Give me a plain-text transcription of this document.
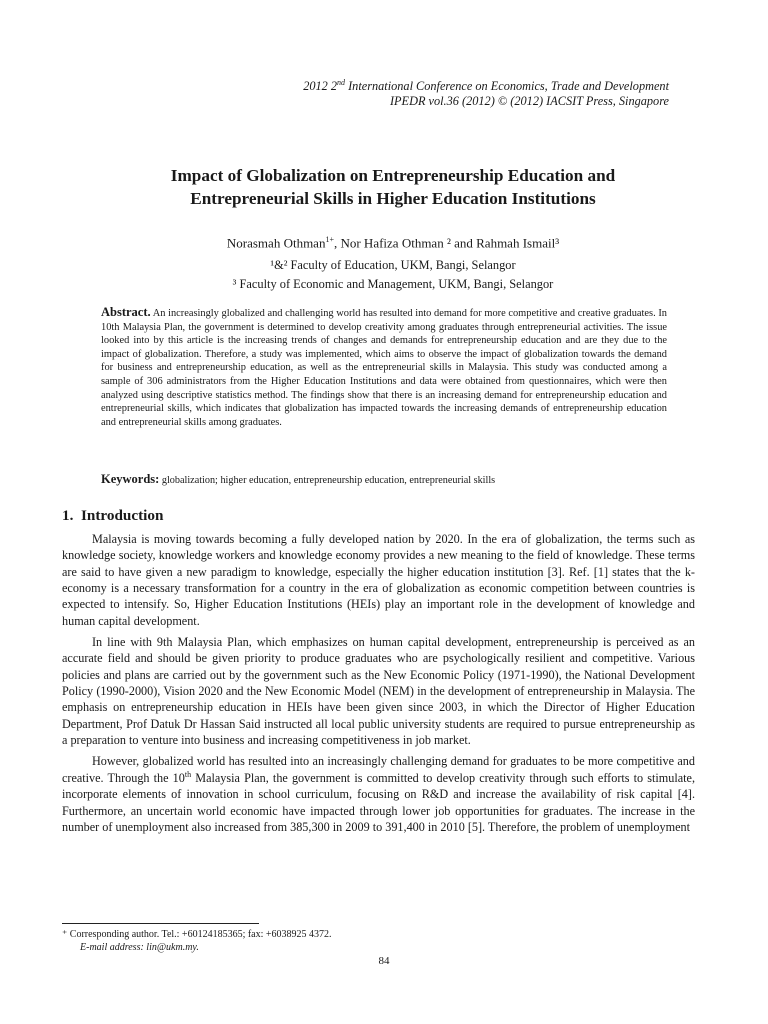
2012 2nd International Conference on Economics, Trade and Development
IPEDR vol.36 (2012) © (2012) IACSIT Press, Singapore
Impact of Globalization on Entrepreneurship Education and
Entrepreneurial Skills in Higher Education Institutions
Norasmah Othman$^{1+}$, Nor Hafiza Othman ² and Rahmah Ismail³
¹&² Faculty of Education, UKM, Bangi, Selangor
³ Faculty of Economic and Management, UKM, Bangi, Selangor
Abstract. An increasingly globalized and challenging world has resulted into demand for more competitive and creative graduates. In 10th Malaysia Plan, the government is determined to develop creativity among graduates through entrepreneurial activities. The issue looked into by this article is the increasing trends of changes and demands for entrepreneurship education and are they due to the impact of globalization. Therefore, a study was implemented, which aims to observe the impact of globalization towards the demand for business and entrepreneurship education, as well as the entrepreneurial skills in Malaysia. This study was conducted among a sample of 306 administrators from the Higher Education Institutions and data were obtained from questionnaires, which were then analyzed using descriptive statistics method. The findings show that there is an increasing demand for entrepreneurship education and entrepreneurial skills, which indicates that globalization has impacted towards the increasing demands of entrepreneurship education and entrepreneurial skills among graduates.
Keywords: globalization; higher education, entrepreneurship education, entrepreneurial skills
1. Introduction

Malaysia is moving towards becoming a fully developed nation by 2020. In the era of globalization, the terms such as knowledge society, knowledge workers and knowledge economy provides a new meaning to the field of knowledge. These terms are said to have given a new paradigm to knowledge, especially the higher education institution [3]. Ref. [1] states that the k-economy is a necessary transformation for a country in the era of globalization as economic competition between countries is expected to intensify. So, Higher Education Institutions (HEIs) play an important role in the development of knowledge and human capital development.

In line with 9th Malaysia Plan, which emphasizes on human capital development, entrepreneurship is perceived as an accurate field and should be given priority to produce graduates who are psychologically resilient and competitive. Various policies and plans are carried out by the government such as the New Economic Policy (1971-1990), the National Development Policy (1990-2000), Vision 2020 and the New Economic Model (NEM) in the development of entrepreneurship in Malaysia. The emphasis on entrepreneurship education in HEIs have been given since 2003, in which the Director of Higher Education Department, Prof Datuk Dr Hassan Said instructed all local public university students are required to pursue entrepreneurship as a preparation to venture into business and increasing competitiveness in job market.

However, globalized world has resulted into an increasingly challenging demand for graduates to be more competitive and creative. Through the 10th Malaysia Plan, the government is committed to develop creativity through such efforts to stimulate, incorporate elements of innovation in school curriculum, focusing on R&D and increase the availability of risk capital [4]. Furthermore, an uncertain world economic have impacted through lower job opportunities for graduates. The increase in the number of unemployment also increased from 385,300 in 2009 to 391,400 in 2010 [5]. Therefore, the problem of unemployment

⁺ Corresponding author. Tel.: +60124185365; fax: +6038925 4372.
E-mail address: lin@ukm.my.
84
